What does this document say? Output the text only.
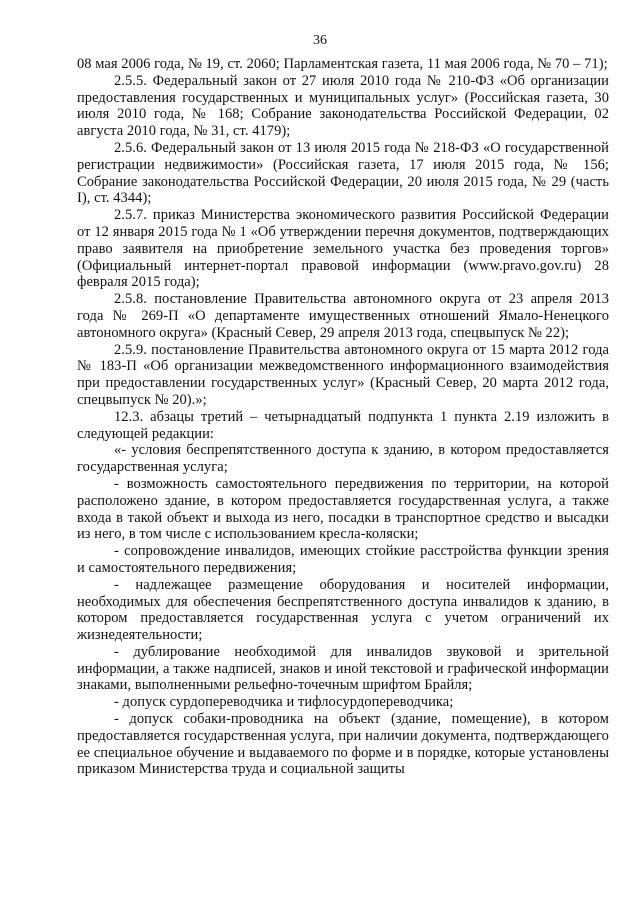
36

08 мая 2006 года, № 19, ст. 2060; Парламентская газета, 11 мая 2006 года, № 70 – 71);

2.5.5. Федеральный закон от 27 июля 2010 года № 210-ФЗ «Об организации предоставления государственных и муниципальных услуг» (Российская газета, 30 июля 2010 года, № 168; Собрание законодательства Российской Федерации, 02 августа 2010 года, № 31, ст. 4179);

2.5.6. Федеральный закон от 13 июля 2015 года № 218-ФЗ «О государственной регистрации недвижимости» (Российская газета, 17 июля 2015 года, № 156; Собрание законодательства Российской Федерации, 20 июля 2015 года, № 29 (часть I), ст. 4344);

2.5.7. приказ Министерства экономического развития Российской Федерации от 12 января 2015 года № 1 «Об утверждении перечня документов, подтверждающих право заявителя на приобретение земельного участка без проведения торгов» (Официальный интернет-портал правовой информации (www.pravo.gov.ru) 28 февраля 2015 года);

2.5.8. постановление Правительства автономного округа от 23 апреля 2013 года № 269-П «О департаменте имущественных отношений Ямало-Ненецкого автономного округа» (Красный Север, 29 апреля 2013 года, спецвыпуск № 22);

2.5.9. постановление Правительства автономного округа от 15 марта 2012 года № 183-П «Об организации межведомственного информационного взаимодействия при предоставлении государственных услуг» (Красный Север, 20 марта 2012 года, спецвыпуск № 20).»;

12.3. абзацы третий – четырнадцатый подпункта 1 пункта 2.19 изложить в следующей редакции:

«- условия беспрепятственного доступа к зданию, в котором предоставляется государственная услуга;

- возможность самостоятельного передвижения по территории, на которой расположено здание, в котором предоставляется государственная услуга, а также входа в такой объект и выхода из него, посадки в транспортное средство и высадки из него, в том числе с использованием кресла-коляски;

- сопровождение инвалидов, имеющих стойкие расстройства функции зрения и самостоятельного передвижения;

- надлежащее размещение оборудования и носителей информации, необходимых для обеспечения беспрепятственного доступа инвалидов к зданию, в котором предоставляется государственная услуга с учетом ограничений их жизнедеятельности;

- дублирование необходимой для инвалидов звуковой и зрительной информации, а также надписей, знаков и иной текстовой и графической информации знаками, выполненными рельефно-точечным шрифтом Брайля;

- допуск сурдопереводчика и тифлосурдопереводчика;

- допуск собаки-проводника на объект (здание, помещение), в котором предоставляется государственная услуга, при наличии документа, подтверждающего ее специальное обучение и выдаваемого по форме и в порядке, которые установлены приказом Министерства труда и социальной защиты
